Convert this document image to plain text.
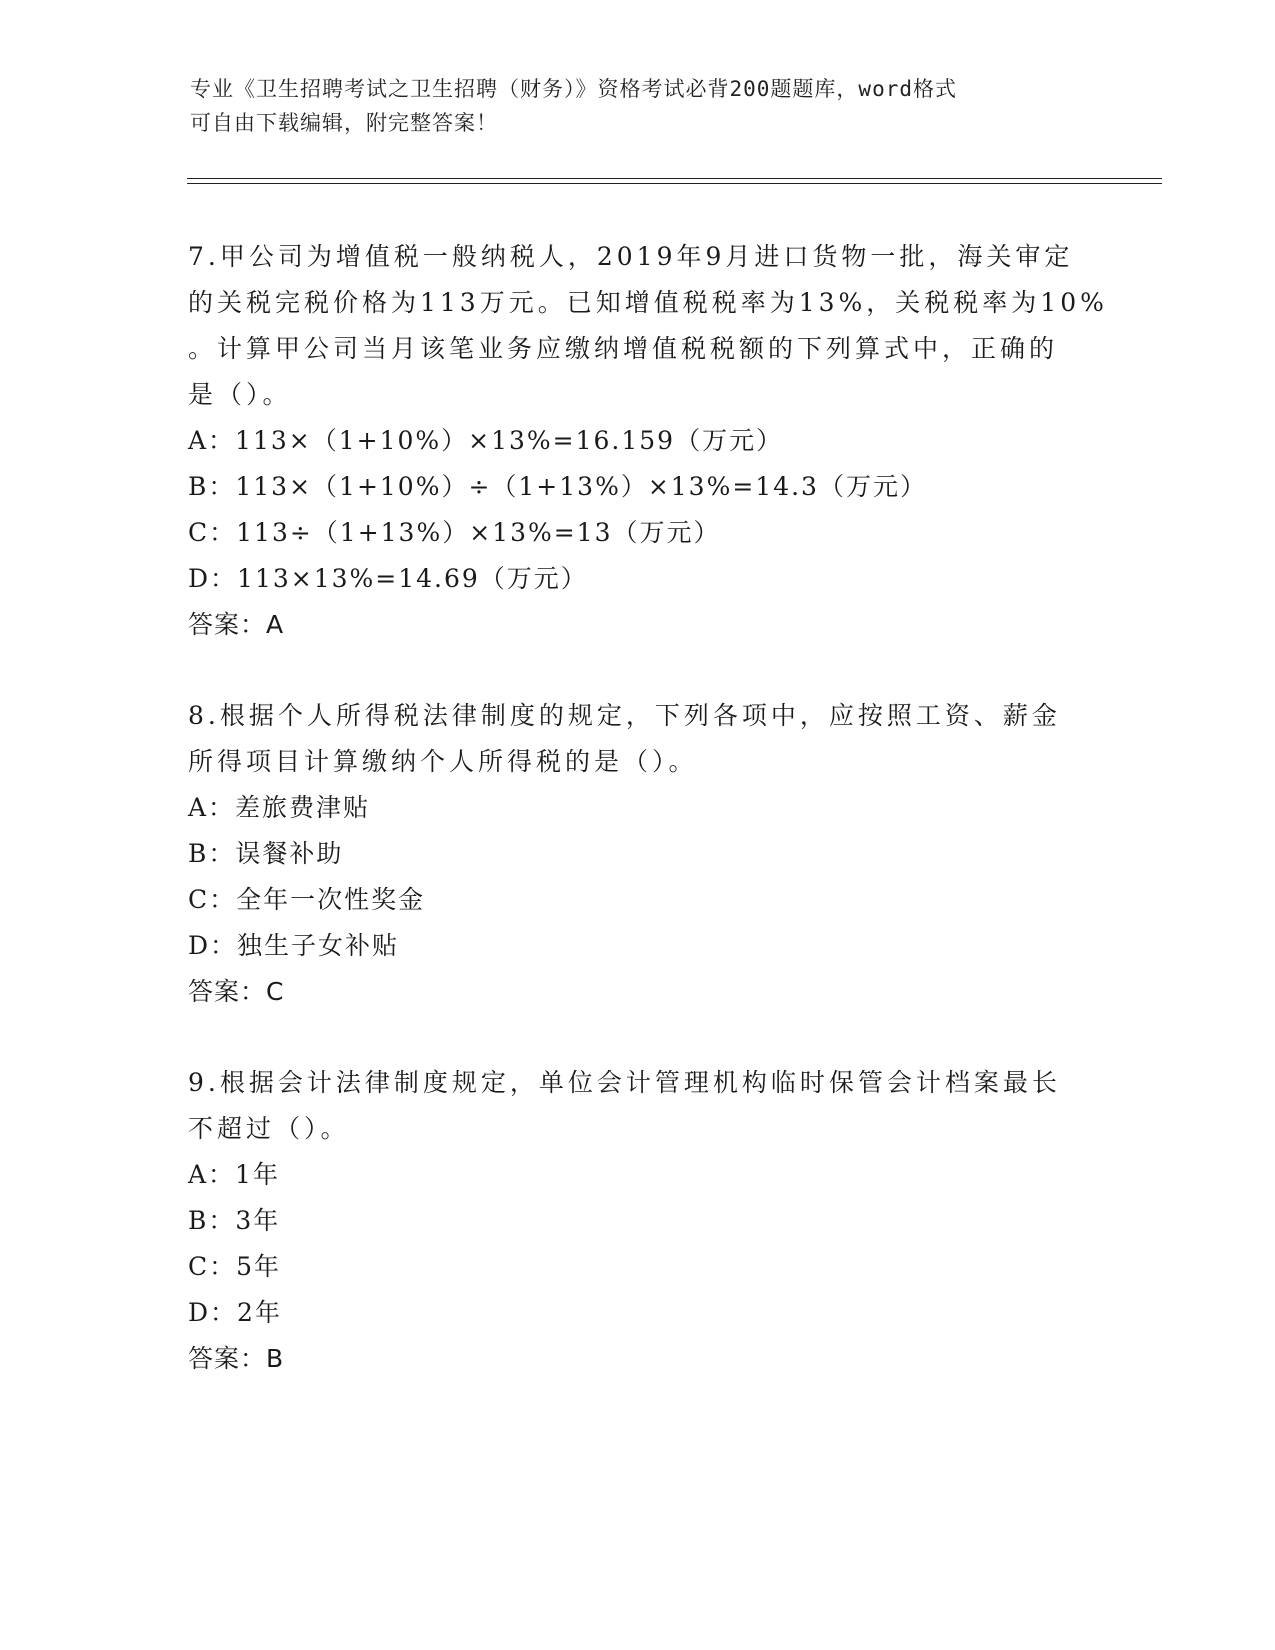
专业《卫生招聘考试之卫生招聘（财务）》资格考试必背200题题库，word格式
可自由下载编辑，附完整答案！
7.甲公司为增值税一般纳税人，2019年9月进口货物一批，海关审定
的关税完税价格为113万元。已知增值税税率为13%，关税税率为10%
。计算甲公司当月该笔业务应缴纳增值税税额的下列算式中，正确的
是（）。
A：113×（1+10%）×13%=16.159（万元）
B：113×（1+10%）÷（1+13%）×13%=14.3（万元）
C：113÷（1+13%）×13%=13（万元）
D：113×13%=14.69（万元）
答案：A
8.根据个人所得税法律制度的规定，下列各项中，应按照工资、薪金
所得项目计算缴纳个人所得税的是（）。
A：差旅费津贴
B：误餐补助
C：全年一次性奖金
D：独生子女补贴
答案：C
9.根据会计法律制度规定，单位会计管理机构临时保管会计档案最长
不超过（）。
A：1年
B：3年
C：5年
D：2年
答案：B
